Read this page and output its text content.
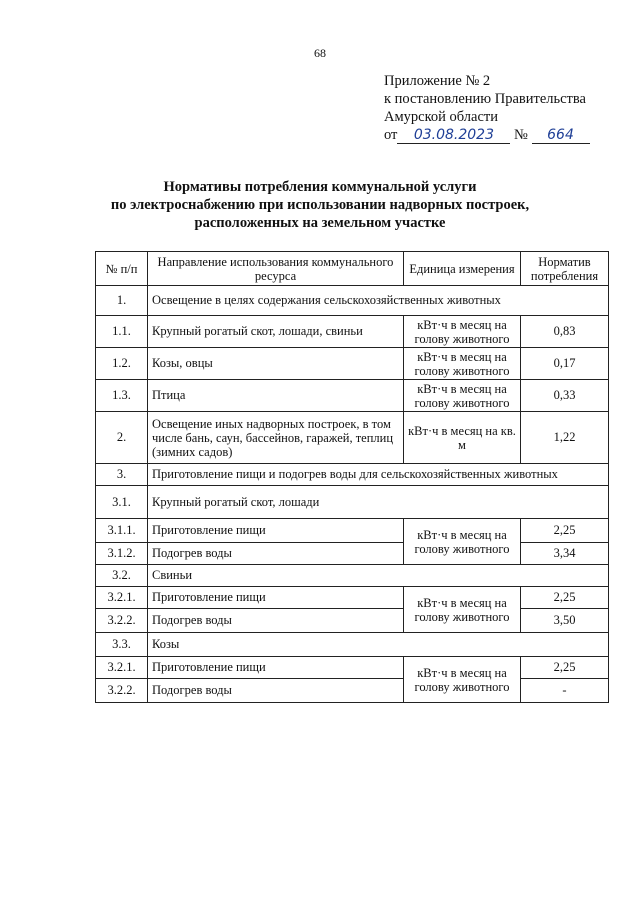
68
Приложение № 2
к постановлению Правительства
Амурской области
от 03.08.2023 № 664
Нормативы потребления коммунальной услуги
по электроснабжению при использовании надворных построек,
расположенных на земельном участке
№ п/п	Направление использования коммунального ресурса	Единица измерения	Норматив потребления
1.	Освещение в целях содержания сельскохозяйственных животных		
1.1.	Крупный рогатый скот, лошади, свиньи	кВт·ч в месяц на голову животного	0,83
1.2.	Козы, овцы	кВт·ч в месяц на голову животного	0,17
1.3.	Птица	кВт·ч в месяц на голову животного	0,33
2.	Освещение иных надворных построек, в том числе бань, саун, бассейнов, гаражей, теплиц (зимних садов)	кВт·ч в месяц на кв. м	1,22
3.	Приготовление пищи и подогрев воды для сельскохозяйственных животных		
3.1.	Крупный рогатый скот, лошади		
3.1.1.	Приготовление пищи	кВт·ч в месяц на голову животного	2,25
3.1.2.	Подогрев воды		3,34
3.2.	Свиньи		
3.2.1.	Приготовление пищи	кВт·ч в месяц на голову животного	2,25
3.2.2.	Подогрев воды		3,50
3.3.	Козы		
3.2.1.	Приготовление пищи	кВт·ч в месяц на голову животного	2,25
3.2.2.	Подогрев воды		-
